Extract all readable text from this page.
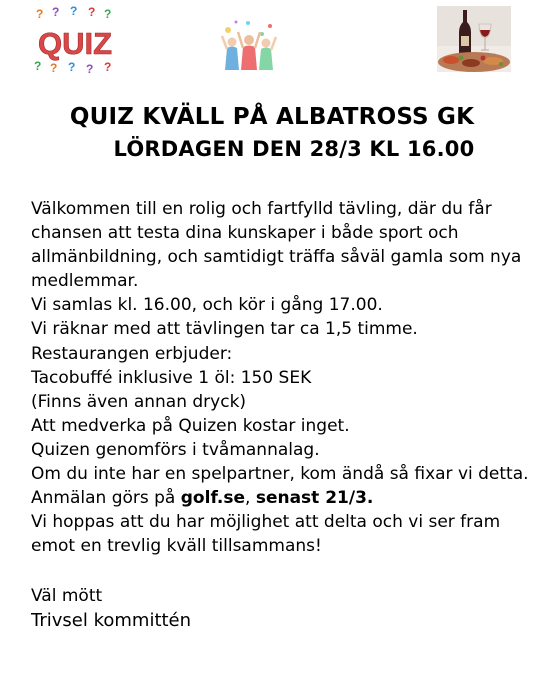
? ? ? ? ?
? ? ? ? ?
QUIZ
QUIZ KVÄLL PÅ ALBATROSS GK
LÖRDAGEN DEN 28/3 KL 16.00

Välkommen till en rolig och fartfylld tävling, där du får chansen att testa dina kunskaper i både sport och allmänbildning, och samtidigt träffa såväl gamla som nya medlemmar.

Vi samlas kl. 16.00, och kör i gång 17.00.

Vi räknar med att tävlingen tar ca 1,5 timme.

Restaurangen erbjuder:

Tacobuffé inklusive 1 öl: 150 SEK

(Finns även annan dryck)

Att medverka på Quizen kostar inget.

Quizen genomförs i tvåmannalag.

Om du inte har en spelpartner, kom ändå så fixar vi detta.

Anmälan görs på golf.se, senast 21/3.

Vi hoppas att du har möjlighet att delta och vi ser fram emot en trevlig kväll tillsammans!

Väl mött

Trivsel kommittén
